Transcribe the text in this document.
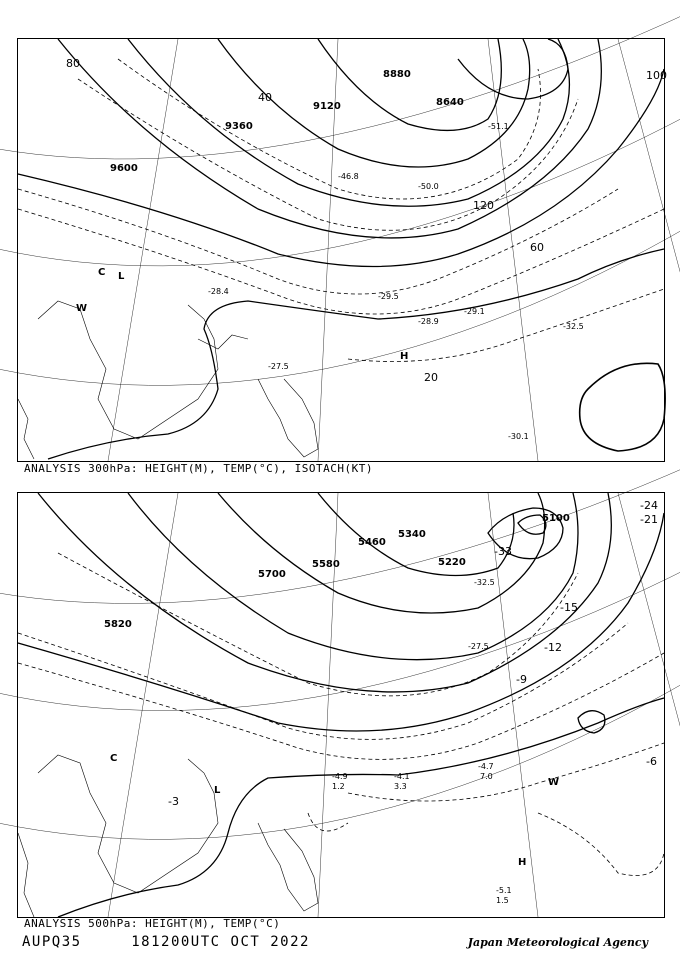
9600
9360
9120
8880
8640
20
40
60
80
100
120
L
H
C
W	-29.1
-28.9
-29.5
-28.4
-27.5
-32.5
-30.1
-50.0
-51.1
-46.8
ANALYSIS 300hPa: HEIGHT(M), TEMP(°C), ISOTACH(KT)
5820
5700
5580
5460
5340
5220
5100
-3
-6
-9
-12
-15
-21
-24
-33
L
H
C
W
-4.7
7.0
-4.1
3.3
-5.1
1.5
-4.9
1.2
-27.5
-32.5
ANALYSIS 500hPa: HEIGHT(M), TEMP(°C)
AUPQ35	181200UTC OCT 2022	Japan Meteorological Agency
